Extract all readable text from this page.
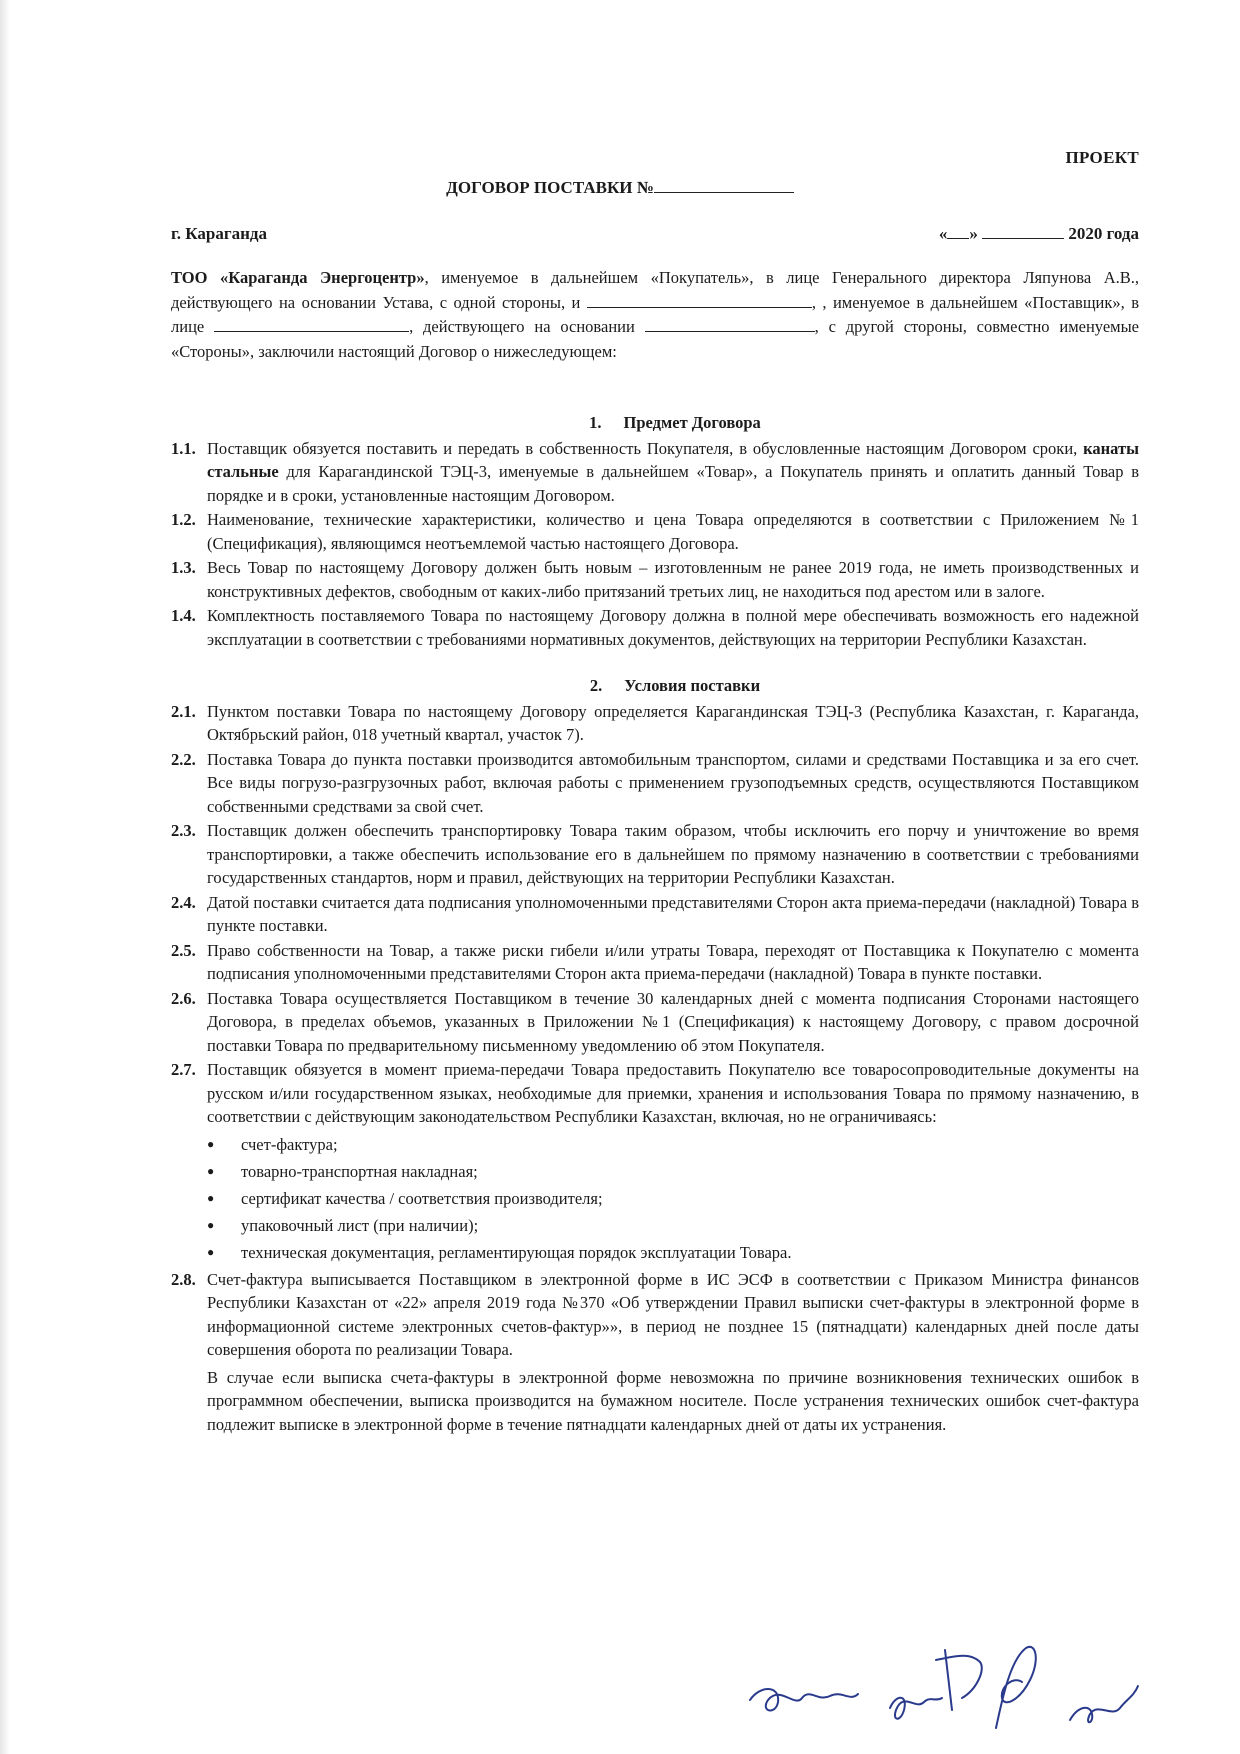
ПРОЕКТ
ДОГОВОР ПОСТАВКИ №
г. Караганда	« »	2020 года
ТОО «Караганда Энергоцентр», именуемое в дальнейшем «Покупатель», в лице Генерального директора Ляпунова А.В., действующего на основании Устава, с одной стороны, и	, , именуемое в дальнейшем «Поставщик», в лице	, действующего на основании	, с другой стороны, совместно именуемые «Стороны», заключили настоящий Договор о нижеследующем:
1. Предмет Договора
1.1. Поставщик обязуется поставить и передать в собственность Покупателя, в обусловленные настоящим Договором сроки, канаты стальные для Карагандинской ТЭЦ-3, именуемые в дальнейшем «Товар», а Покупатель принять и оплатить данный Товар в порядке и в сроки, установленные настоящим Договором.
1.2. Наименование, технические характеристики, количество и цена Товара определяются в соответствии с Приложением №1 (Спецификация), являющимся неотъемлемой частью настоящего Договора.
1.3. Весь Товар по настоящему Договору должен быть новым – изготовленным не ранее 2019 года, не иметь производственных и конструктивных дефектов, свободным от каких-либо притязаний третьих лиц, не находиться под арестом или в залоге.
1.4. Комплектность поставляемого Товара по настоящему Договору должна в полной мере обеспечивать возможность его надежной эксплуатации в соответствии с требованиями нормативных документов, действующих на территории Республики Казахстан.
2. Условия поставки
2.1. Пунктом поставки Товара по настоящему Договору определяется Карагандинская ТЭЦ-3 (Республика Казахстан, г. Караганда, Октябрьский район, 018 учетный квартал, участок 7).
2.2. Поставка Товара до пункта поставки производится автомобильным транспортом, силами и средствами Поставщика и за его счет. Все виды погрузо-разгрузочных работ, включая работы с применением грузоподъемных средств, осуществляются Поставщиком собственными средствами за свой счет.
2.3. Поставщик должен обеспечить транспортировку Товара таким образом, чтобы исключить его порчу и уничтожение во время транспортировки, а также обеспечить использование его в дальнейшем по прямому назначению в соответствии с требованиями государственных стандартов, норм и правил, действующих на территории Республики Казахстан.
2.4. Датой поставки считается дата подписания уполномоченными представителями Сторон акта приема-передачи (накладной) Товара в пункте поставки.
2.5. Право собственности на Товар, а также риски гибели и/или утраты Товара, переходят от Поставщика к Покупателю с момента подписания уполномоченными представителями Сторон акта приема-передачи (накладной) Товара в пункте поставки.
2.6. Поставка Товара осуществляется Поставщиком в течение 30 календарных дней с момента подписания Сторонами настоящего Договора, в пределах объемов, указанных в Приложении №1 (Спецификация) к настоящему Договору, с правом досрочной поставки Товара по предварительному письменному уведомлению об этом Покупателя.
2.7. Поставщик обязуется в момент приема-передачи Товара предоставить Покупателю все товаросопроводительные документы на русском и/или государственном языках, необходимые для приемки, хранения и использования Товара по прямому назначению, в соответствии с действующим законодательством Республики Казахстан, включая, но не ограничиваясь:
●	счет-фактура;
●	товарно-транспортная накладная;
●	сертификат качества / соответствия производителя;
●	упаковочный лист (при наличии);
●	техническая документация, регламентирующая порядок эксплуатации Товара.
2.8. Счет-фактура выписывается Поставщиком в электронной форме в ИС ЭСФ в соответствии с Приказом Министра финансов Республики Казахстан от «22» апреля 2019 года №370 «Об утверждении Правил выписки счет-фактуры в электронной форме в информационной системе электронных счетов-фактур»», в период не позднее 15 (пятнадцати) календарных дней после даты совершения оборота по реализации Товара.
В случае если выписка счета-фактуры в электронной форме невозможна по причине возникновения технических ошибок в программном обеспечении, выписка производится на бумажном носителе. После устранения технических ошибок счет-фактура подлежит выписке в электронной форме в течение пятнадцати календарных дней от даты их устранения.
